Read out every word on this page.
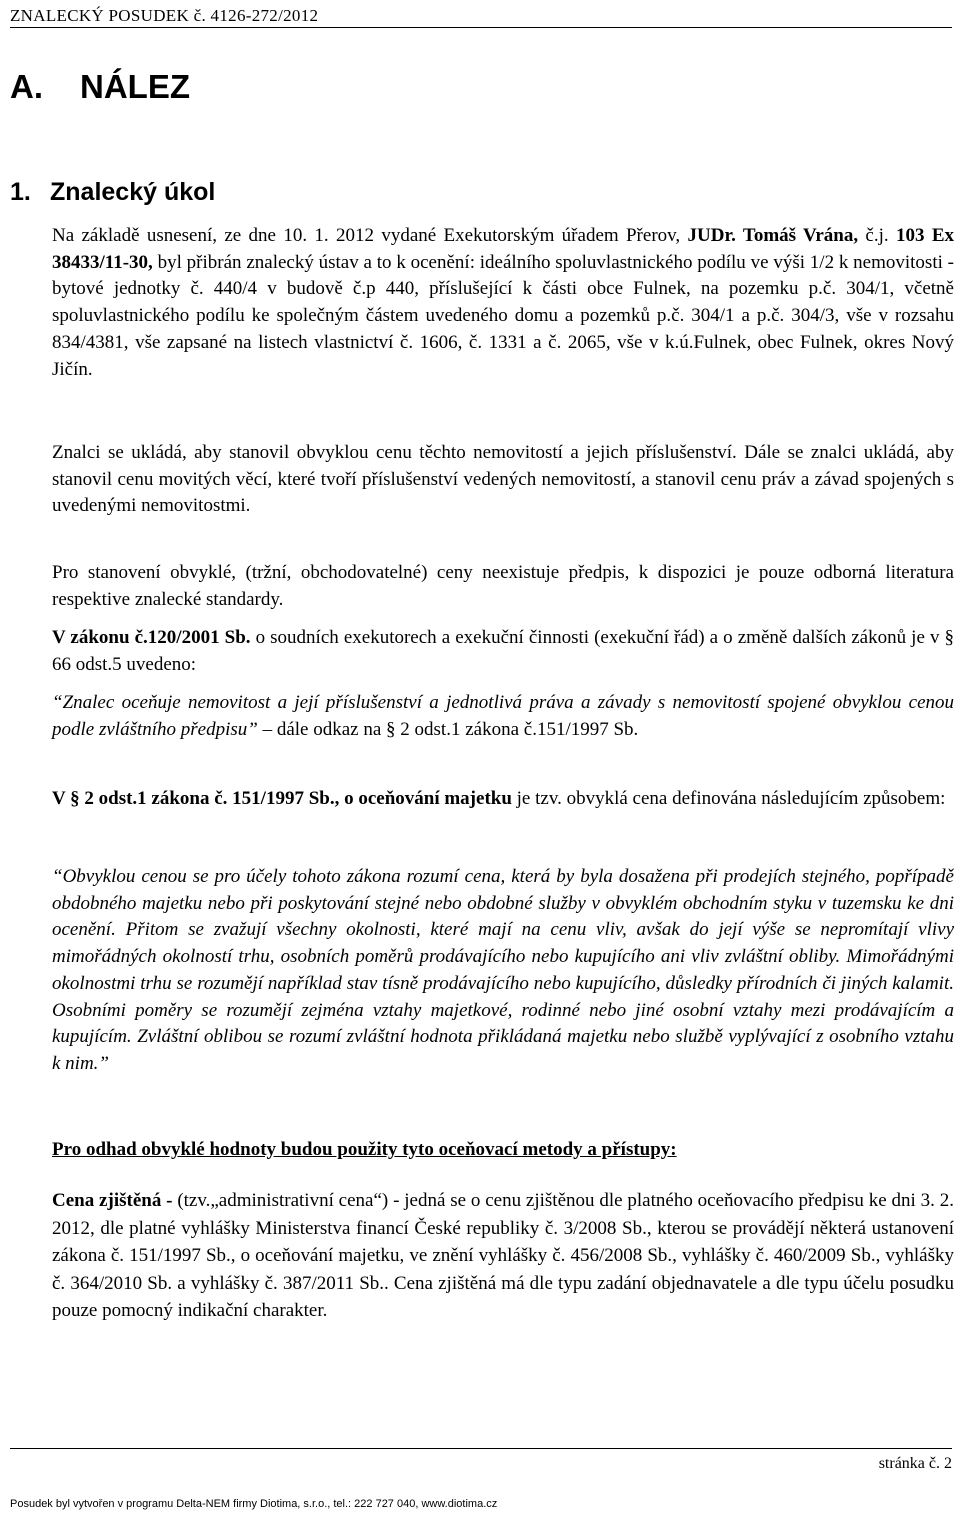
ZNALECKÝ POSUDEK č. 4126-272/2012
A. NÁLEZ
1. Znalecký úkol

Na základě usnesení, ze dne 10. 1. 2012 vydané Exekutorským úřadem Přerov, JUDr. Tomáš Vrána, č.j. 103 Ex 38433/11-30, byl přibrán znalecký ústav a to k ocenění: ideálního spoluvlastnického podílu ve výši 1/2 k nemovitosti - bytové jednotky č. 440/4 v budově č.p 440, příslušející k části obce Fulnek, na pozemku p.č. 304/1, včetně spoluvlastnického podílu ke společným částem uvedeného domu a pozemků p.č. 304/1 a p.č. 304/3, vše v rozsahu 834/4381, vše zapsané na listech vlastnictví č. 1606, č. 1331 a č. 2065, vše v k.ú.Fulnek, obec Fulnek, okres Nový Jičín.

Znalci se ukládá, aby stanovil obvyklou cenu těchto nemovitostí a jejich příslušenství. Dále se znalci ukládá, aby stanovil cenu movitých věcí, které tvoří příslušenství vedených nemovitostí, a stanovil cenu práv a závad spojených s uvedenými nemovitostmi.

Pro stanovení obvyklé, (tržní, obchodovatelné) ceny neexistuje předpis, k dispozici je pouze odborná literatura respektive znalecké standardy.

V zákonu č.120/2001 Sb. o soudních exekutorech a exekuční činnosti (exekuční řád) a o změně dalších zákonů je v § 66 odst.5 uvedeno:

“Znalec oceňuje nemovitost a její příslušenství a jednotlivá práva a závady s nemovitostí spojené obvyklou cenou podle zvláštního předpisu” – dále odkaz na § 2 odst.1 zákona č.151/1997 Sb.

V § 2 odst.1 zákona č. 151/1997 Sb., o oceňování majetku je tzv. obvyklá cena definována následujícím způsobem:

“Obvyklou cenou se pro účely tohoto zákona rozumí cena, která by byla dosažena při prodejích stejného, popřípadě obdobného majetku nebo při poskytování stejné nebo obdobné služby v obvyklém obchodním styku v tuzemsku ke dni ocenění. Přitom se zvažují všechny okolnosti, které mají na cenu vliv, avšak do její výše se nepromítají vlivy mimořádných okolností trhu, osobních poměrů prodávajícího nebo kupujícího ani vliv zvláštní obliby. Mimořádnými okolnostmi trhu se rozumějí například stav tísně prodávajícího nebo kupujícího, důsledky přírodních či jiných kalamit. Osobními poměry se rozumějí zejména vztahy majetkové, rodinné nebo jiné osobní vztahy mezi prodávajícím a kupujícím. Zvláštní oblibou se rozumí zvláštní hodnota přikládaná majetku nebo službě vyplývající z osobního vztahu k nim.”

Pro odhad obvyklé hodnoty budou použity tyto oceňovací metody a přístupy:

Cena zjištěná - (tzv.„administrativní cena“) - jedná se o cenu zjištěnou dle platného oceňovacího předpisu ke dni 3. 2. 2012, dle platné vyhlášky Ministerstva financí České republiky č. 3/2008 Sb., kterou se provádějí některá ustanovení zákona č. 151/1997 Sb., o oceňování majetku, ve znění vyhlášky č. 456/2008 Sb., vyhlášky č. 460/2009 Sb., vyhlášky č. 364/2010 Sb. a vyhlášky č. 387/2011 Sb.. Cena zjištěná má dle typu zadání objednavatele a dle typu účelu posudku pouze pomocný indikační charakter.

stránka č. 2
Posudek byl vytvořen v programu Delta-NEM firmy Diotima, s.r.o., tel.: 222 727 040, www.diotima.cz
